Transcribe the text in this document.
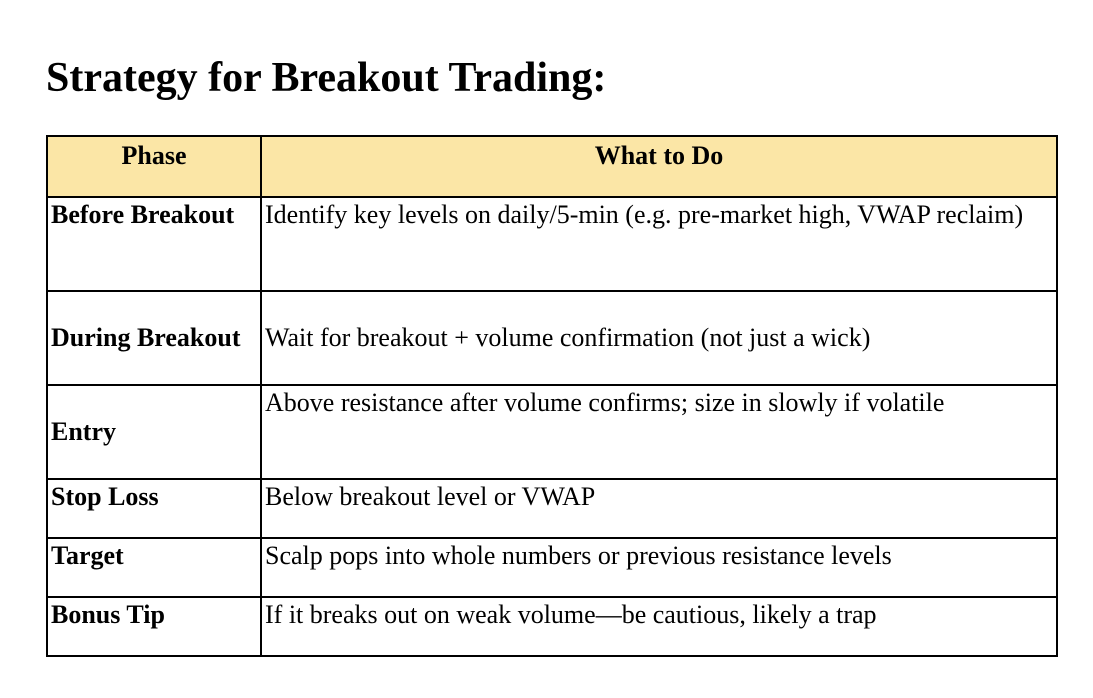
Strategy for Breakout Trading:
Phase	What to Do
Before Breakout	Identify key levels on daily/5-min (e.g. pre-market high, VWAP reclaim)
During Breakout	Wait for breakout + volume confirmation (not just a wick)
Entry	Above resistance after volume confirms; size in slowly if volatile
Stop Loss	Below breakout level or VWAP
Target	Scalp pops into whole numbers or previous resistance levels
Bonus Tip	If it breaks out on weak volume—be cautious, likely a trap
